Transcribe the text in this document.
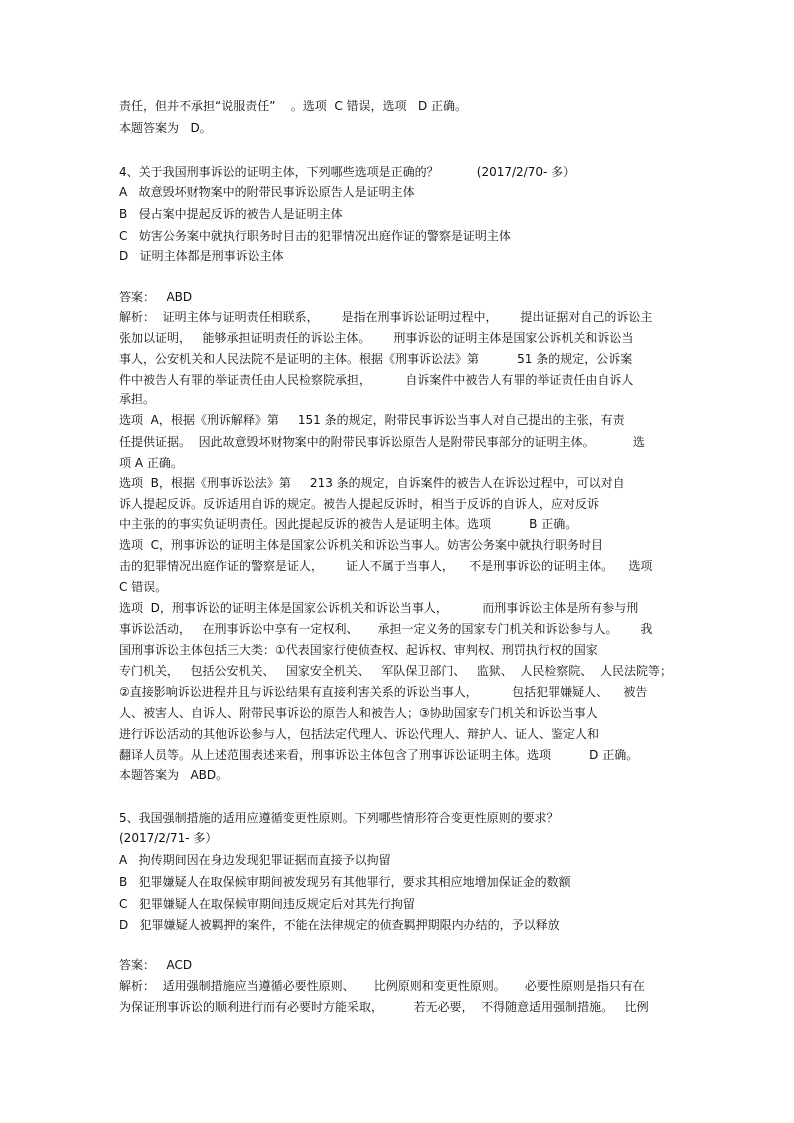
责任，但并不承担“说服责任”    。选项  C 错误，选项   D 正确。
本题答案为   D。
4、关于我国刑事诉讼的证明主体，下列哪些选项是正确的？          (2017/2/70- 多）
A   故意毁坏财物案中的附带民事诉讼原告人是证明主体
B   侵占案中提起反诉的被告人是证明主体
C   妨害公务案中就执行职务时目击的犯罪情况出庭作证的警察是证明主体
D   证明主体都是刑事诉讼主体
答案：   ABD
解析：  证明主体与证明责任相联系，      是指在刑事诉讼证明过程中，      提出证据对自己的诉讼主
张加以证明，   能够承担证明责任的诉讼主体。      刑事诉讼的证明主体是国家公诉机关和诉讼当
事人，公安机关和人民法院不是证明的主体。根据《刑事诉讼法》第          51 条的规定，公诉案
件中被告人有罪的举证责任由人民检察院承担，         自诉案件中被告人有罪的举证责任由自诉人
承担。
选项  A，根据《刑诉解释》第     151 条的规定，附带民事诉讼当事人对自己提出的主张，有责
任提供证据。  因此故意毁坏财物案中的附带民事诉讼原告人是附带民事部分的证明主体。          选
项 A 正确。
选项  B，根据《刑事诉讼法》第     213 条的规定，自诉案件的被告人在诉讼过程中，可以对自
诉人提起反诉。反诉适用自诉的规定。被告人提起反诉时，相当于反诉的自诉人，应对反诉
中主张的的事实负证明责任。因此提起反诉的被告人是证明主体。选项          B 正确。
选项  C，刑事诉讼的证明主体是国家公诉机关和诉讼当事人。妨害公务案中就执行职务时目
击的犯罪情况出庭作证的警察是证人，      证人不属于当事人，    不是刑事诉讼的证明主体。    选项
C 错误。
选项  D，刑事诉讼的证明主体是国家公诉机关和诉讼当事人，         而刑事诉讼主体是所有参与刑
事诉讼活动，   在刑事诉讼中享有一定权利、     承担一定义务的国家专门机关和诉讼参与人。      我
国刑事诉讼主体包括三大类：①代表国家行使侦查权、起诉权、审判权、刑罚执行权的国家
专门机关，   包括公安机关、   国家安全机关、   军队保卫部门、   监狱、  人民检察院、  人民法院等；
②直接影响诉讼进程并且与诉讼结果有直接利害关系的诉讼当事人，         包括犯罪嫌疑人、    被告
人、被害人、自诉人、附带民事诉讼的原告人和被告人；③协助国家专门机关和诉讼当事人
进行诉讼活动的其他诉讼参与人，包括法定代理人、诉讼代理人、辩护人、证人、鉴定人和
翻译人员等。从上述范围表述来看，刑事诉讼主体包含了刑事诉讼证明主体。选项          D 正确。
本题答案为   ABD。
5、我国强制措施的适用应遵循变更性原则。下列哪些情形符合变更性原则的要求？
(2017/2/71- 多）
A   拘传期间因在身边发现犯罪证据而直接予以拘留
B   犯罪嫌疑人在取保候审期间被发现另有其他罪行，要求其相应地增加保证金的数额
C   犯罪嫌疑人在取保候审期间违反规定后对其先行拘留
D   犯罪嫌疑人被羁押的案件，不能在法律规定的侦查羁押期限内办结的，予以释放
答案：   ACD
解析：  适用强制措施应当遵循必要性原则、     比例原则和变更性原则。     必要性原则是指只有在
为保证刑事诉讼的顺利进行而有必要时方能采取，        若无必要，  不得随意适用强制措施。   比例
